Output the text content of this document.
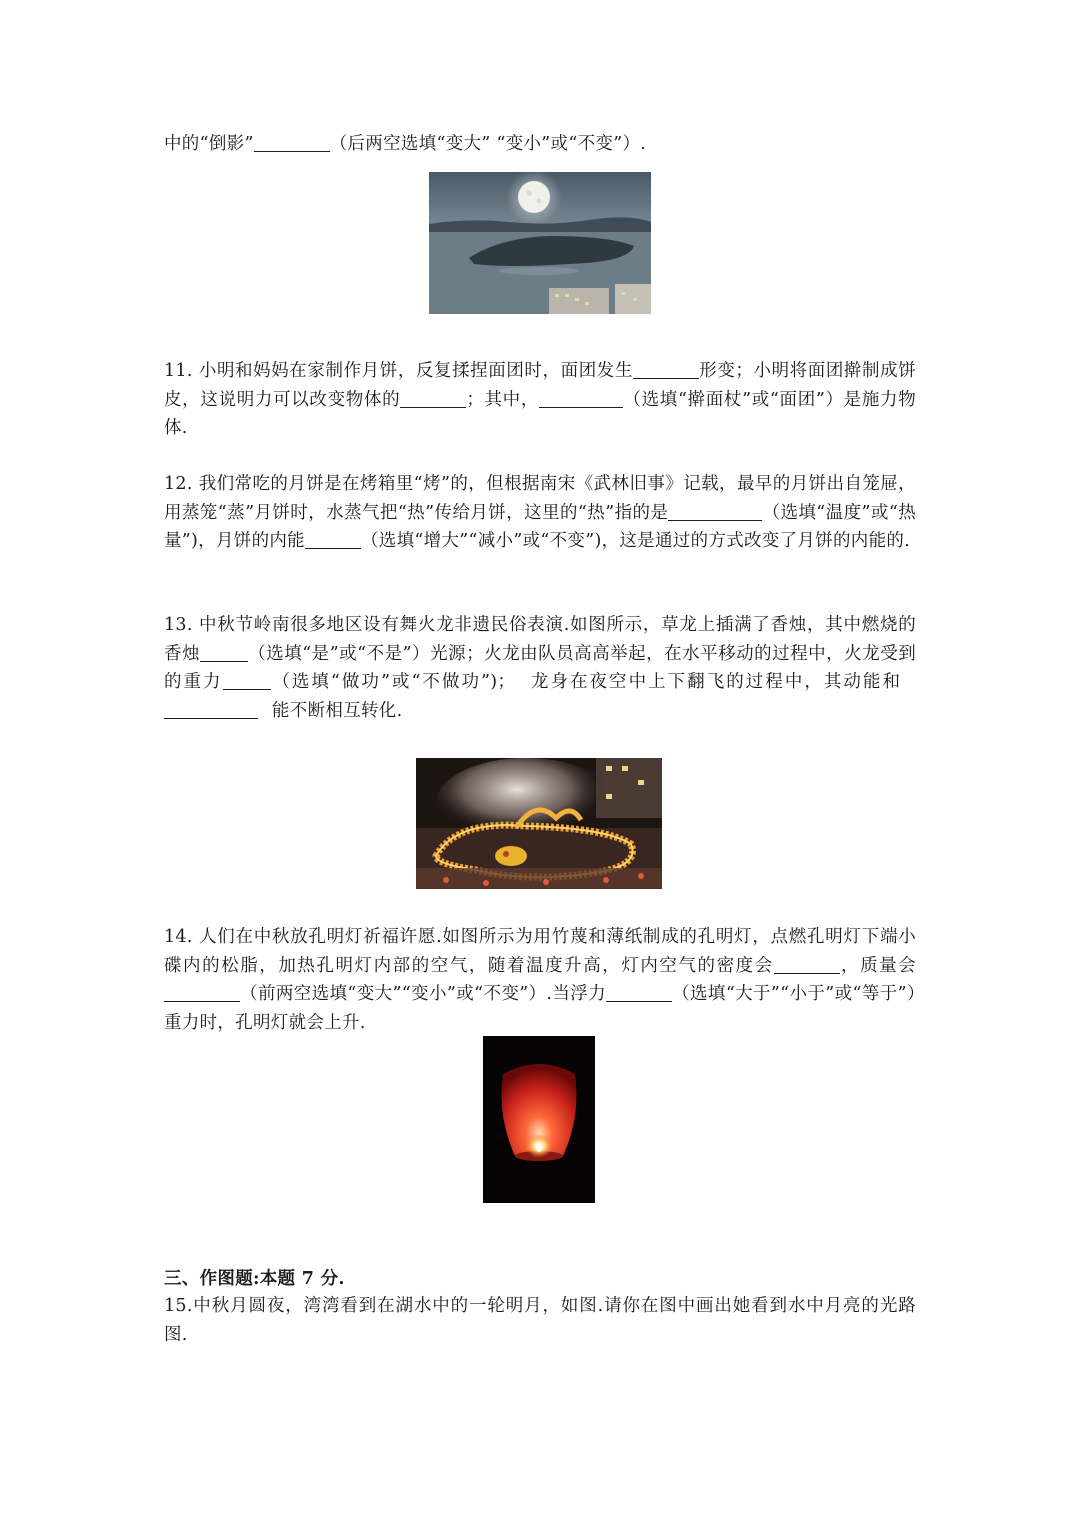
中的“倒影”	（后两空选填“变大” “变小”或“不变”）.

11. 小明和妈妈在家制作月饼，反复揉捏面团时，面团发生	形变；小明将面团擀制成饼皮，这说明力可以改变物体的	；其中，	（选填“擀面杖”或“面团”）是施力物体.

12. 我们常吃的月饼是在烤箱里“烤”的，但根据南宋《武林旧事》记载，最早的月饼出自笼屉，用蒸笼“蒸”月饼时，水蒸气把“热”传给月饼，这里的“热”指的是	（选填“温度”或“热量”)，月饼的内能	（选填“增大”“减小”或“不变”)，这是通过的方式改变了月饼的内能的.

13. 中秋节岭南很多地区设有舞火龙非遗民俗表演.如图所示，草龙上插满了香烛，其中燃烧的香烛	（选填“是”或“不是”）光源；火龙由队员高高举起，在水平移动的过程中，火龙受到的重力	（选填“做功”或“不做功”)； 龙身在夜空中上下翻飞的过程中，其动能和能不断相互转化.

14. 人们在中秋放孔明灯祈福许愿.如图所示为用竹蔑和薄纸制成的孔明灯，点燃孔明灯下端小碟内的松脂，加热孔明灯内部的空气，随着温度升高，灯内空气的密度会	，质量会（前两空选填“变大”“变小”或“不变”）.当浮力	（选填“大于”“小于”或“等于”）重力时，孔明灯就会上升.

三、作图题:本题 7 分.

15.中秋月圆夜，湾湾看到在湖水中的一轮明月，如图.请你在图中画出她看到水中月亮的光路图.
